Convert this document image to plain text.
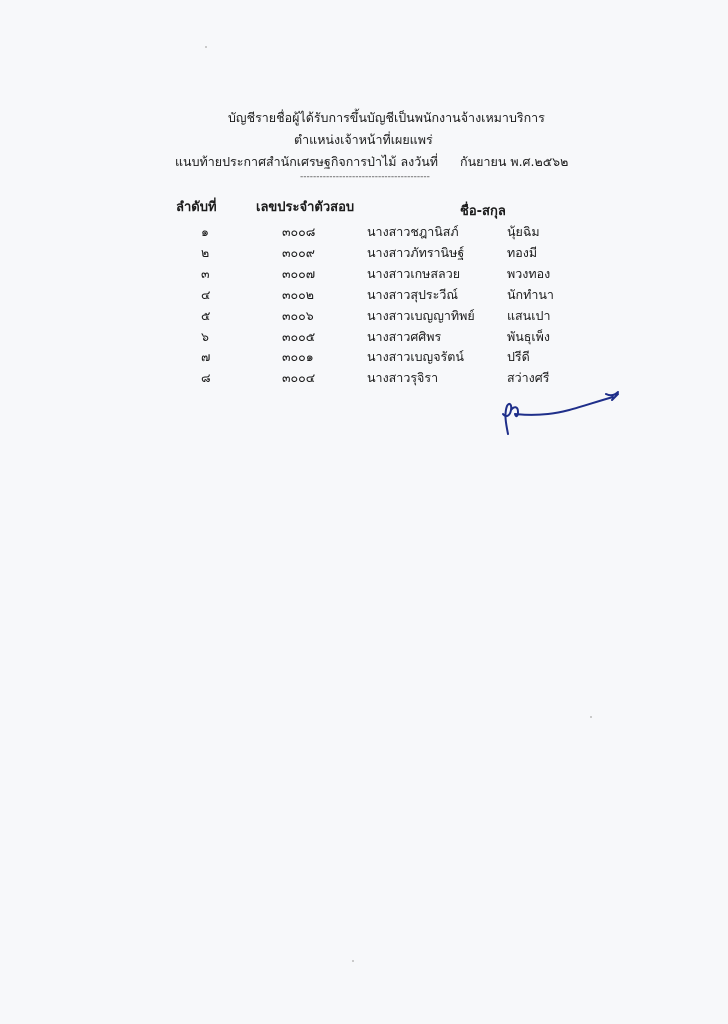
บัญชีรายชื่อผู้ได้รับการขึ้นบัญชีเป็นพนักงานจ้างเหมาบริการ
ตำแหน่งเจ้าหน้าที่เผยแพร่
แนบท้ายประกาศสำนักเศรษฐกิจการป่าไม้ ลงวันที่ กันยายน พ.ศ.๒๕๖๒
----------------------------------------
ลำดับที่	เลขประจำตัวสอบ	ชื่อ-สกุล
๑	๓๐๐๘	นางสาวชฎานิสภ์	นุ้ยฉิม
๒	๓๐๐๙	นางสาวภัทรานิษฐ์	ทองมี
๓	๓๐๐๗	นางสาวเกษสลวย	พวงทอง
๔	๓๐๐๒	นางสาวสุประวีณ์	นักทำนา
๕	๓๐๐๖	นางสาวเบญญาทิพย์	แสนเปา
๖	๓๐๐๕	นางสาวศศิพร	พันธุเพ็ง
๗	๓๐๐๑	นางสาวเบญจรัตน์	ปรีดี
๘	๓๐๐๔	นางสาวรุจิรา	สว่างศรี
